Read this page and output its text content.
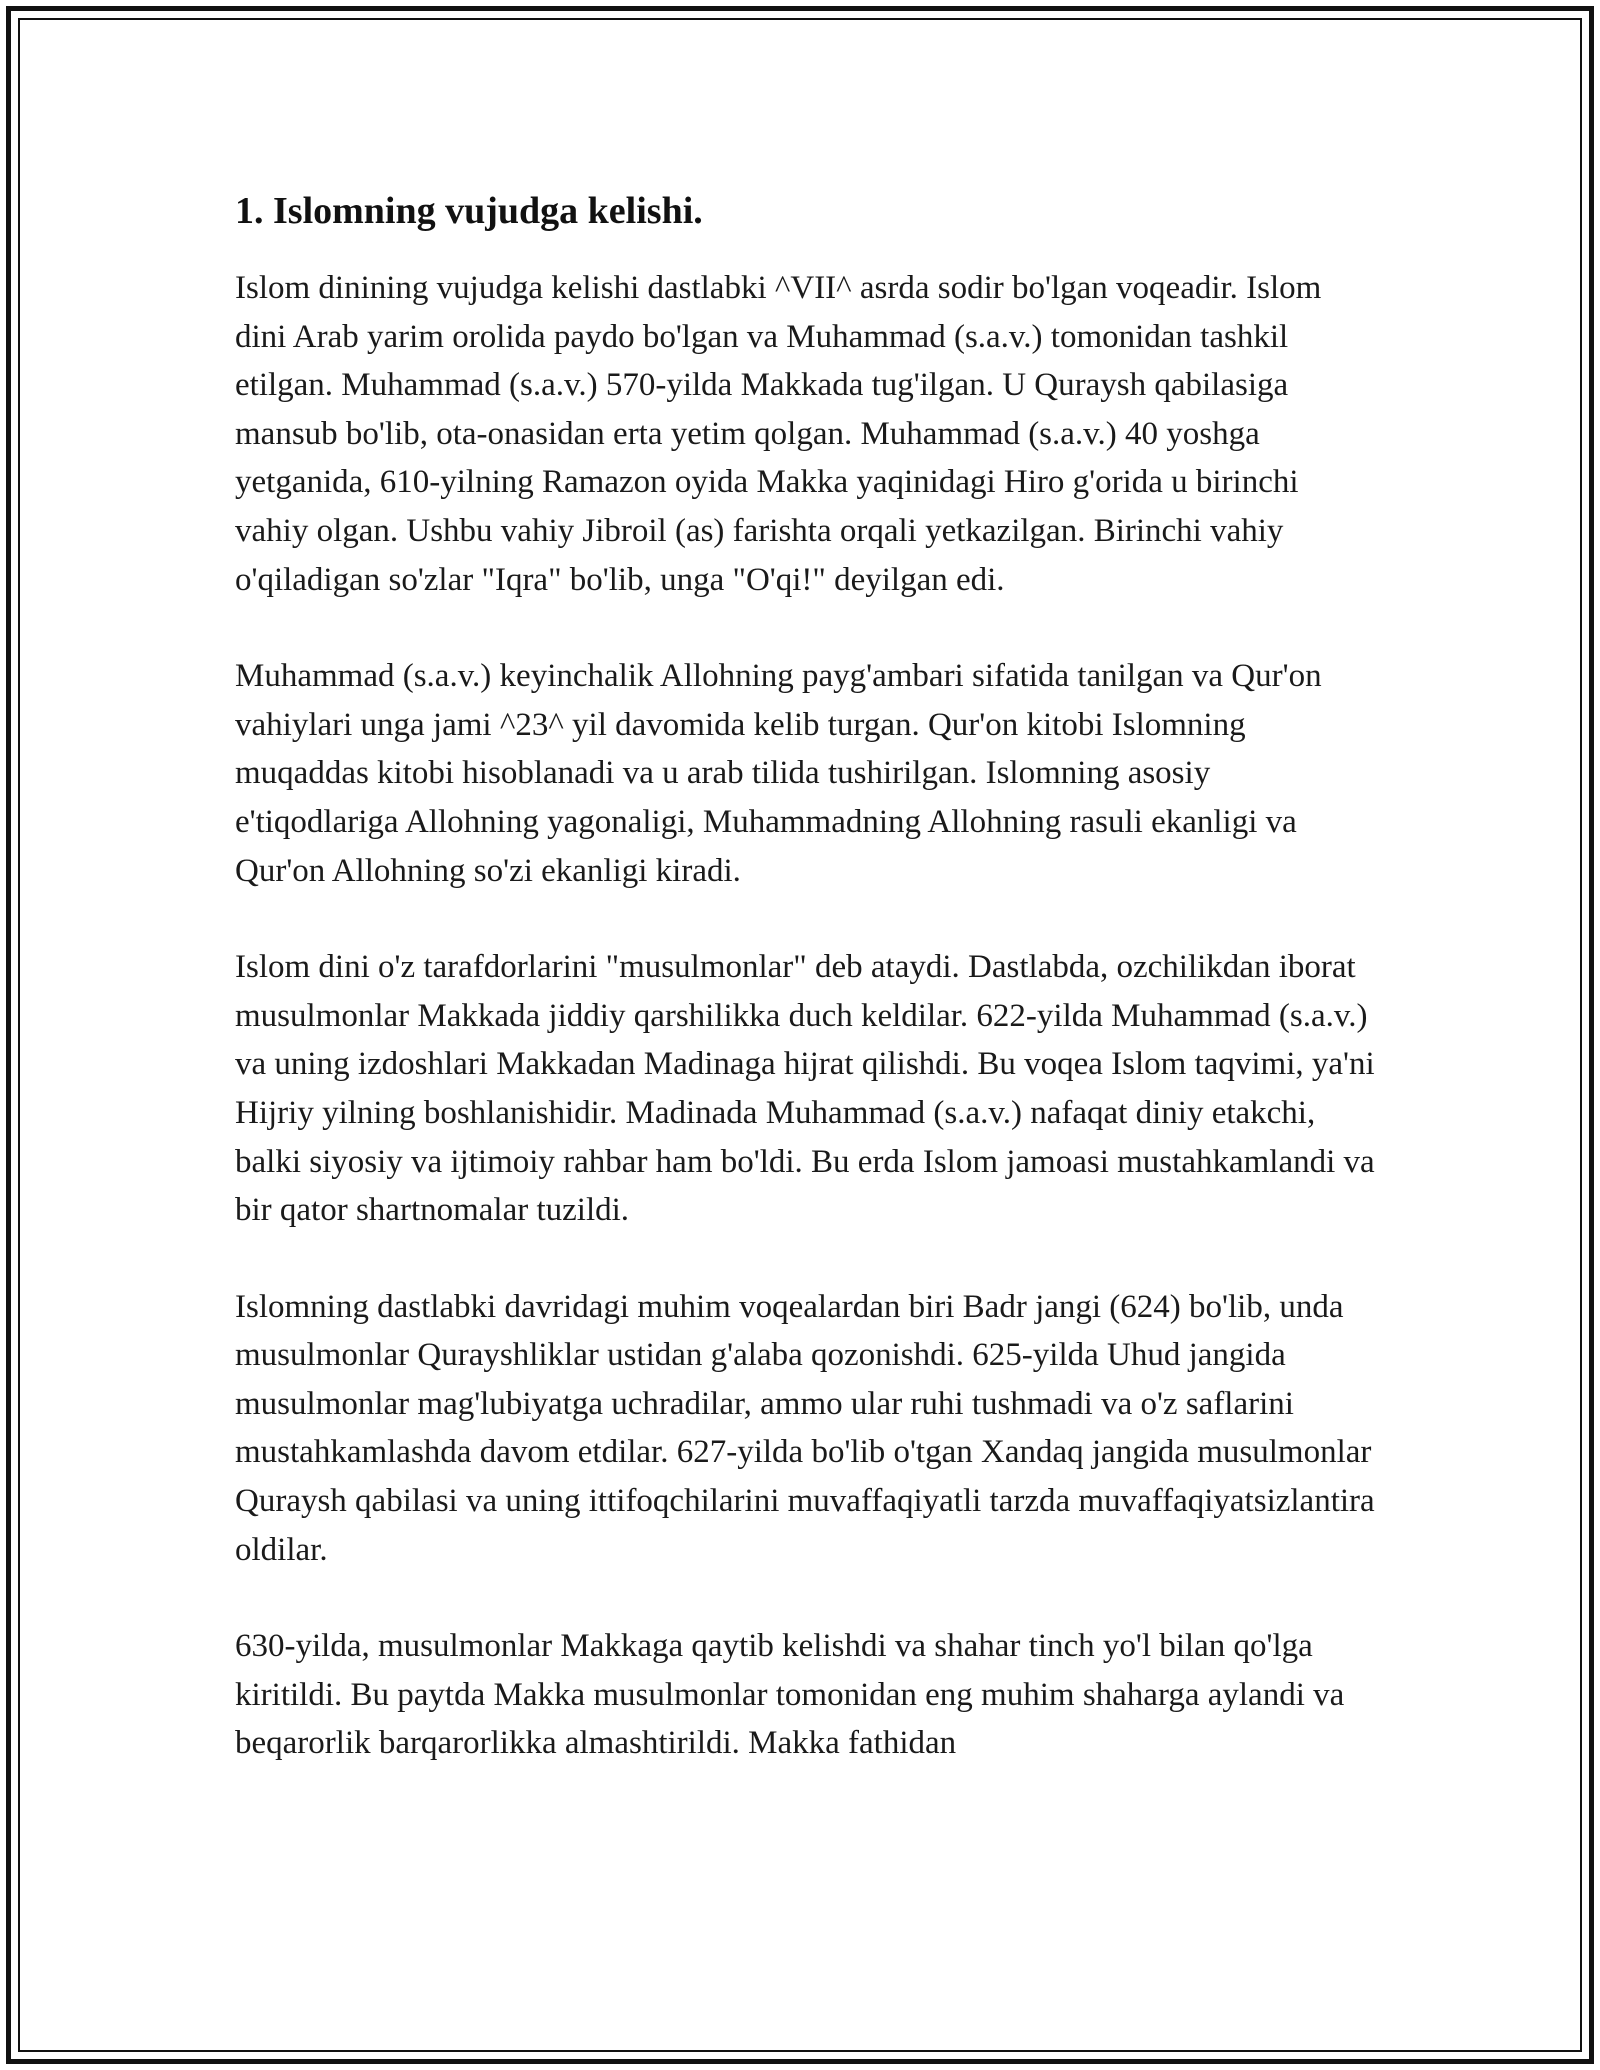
1. Islomning vujudga kelishi.

Islom dinining vujudga kelishi dastlabki ^VII^ asrda sodir bo'lgan voqeadir. Islom dini Arab yarim orolida paydo bo'lgan va Muhammad (s.a.v.) tomonidan tashkil etilgan. Muhammad (s.a.v.) 570-yilda Makkada tug'ilgan. U Quraysh qabilasiga mansub bo'lib, ota-onasidan erta yetim qolgan. Muhammad (s.a.v.) 40 yoshga yetganida, 610-yilning Ramazon oyida Makka yaqinidagi Hiro g'orida u birinchi vahiy olgan. Ushbu vahiy Jibroil (as) farishta orqali yetkazilgan. Birinchi vahiy o'qiladigan so'zlar "Iqra" bo'lib, unga "O'qi!" deyilgan edi.

Muhammad (s.a.v.) keyinchalik Allohning payg'ambari sifatida tanilgan va Qur'on vahiylari unga jami ^23^ yil davomida kelib turgan. Qur'on kitobi Islomning muqaddas kitobi hisoblanadi va u arab tilida tushirilgan. Islomning asosiy e'tiqodlariga Allohning yagonaligi, Muhammadning Allohning rasuli ekanligi va Qur'on Allohning so'zi ekanligi kiradi.

Islom dini o'z tarafdorlarini "musulmonlar" deb ataydi. Dastlabda, ozchilikdan iborat musulmonlar Makkada jiddiy qarshilikka duch keldilar. 622-yilda Muhammad (s.a.v.) va uning izdoshlari Makkadan Madinaga hijrat qilishdi. Bu voqea Islom taqvimi, ya'ni Hijriy yilning boshlanishidir. Madinada Muhammad (s.a.v.) nafaqat diniy etakchi, balki siyosiy va ijtimoiy rahbar ham bo'ldi. Bu erda Islom jamoasi mustahkamlandi va bir qator shartnomalar tuzildi.

Islomning dastlabki davridagi muhim voqealardan biri Badr jangi (624) bo'lib, unda musulmonlar Qurayshliklar ustidan g'alaba qozonishdi. 625-yilda Uhud jangida musulmonlar mag'lubiyatga uchradilar, ammo ular ruhi tushmadi va o'z saflarini mustahkamlashda davom etdilar. 627-yilda bo'lib o'tgan Xandaq jangida musulmonlar Quraysh qabilasi va uning ittifoqchilarini muvaffaqiyatli tarzda muvaffaqiyatsizlantira oldilar.

630-yilda, musulmonlar Makkaga qaytib kelishdi va shahar tinch yo'l bilan qo'lga kiritildi. Bu paytda Makka musulmonlar tomonidan eng muhim shaharga aylandi va beqarorlik barqarorlikka almashtirildi. Makka fathidan
